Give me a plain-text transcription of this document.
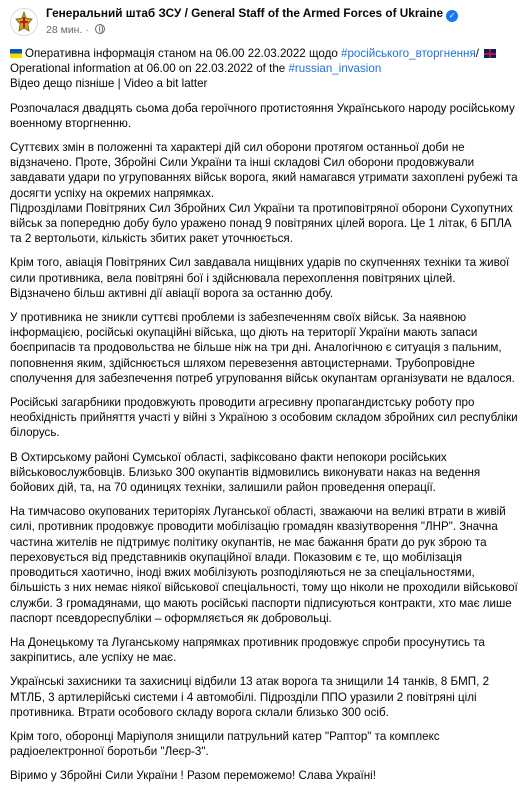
Генеральний штаб ЗСУ / General Staff of the Armed Forces of Ukraine ✓
28 мин. ·

Оперативна інформація станом на 06.00 22.03.2022 щодо #російського_вторгнення/

Operational information at 06.00 on 22.03.2022 of the #russian_invasion

Відео дещо пізніше | Video a bit latter

Розпочалася двадцять сьома доба героїчного протистояння Українського народу російському военному вторгненню.

Суттєвих змін в положенні та характері дій сил оборони протягом останньої доби не відзначено. Проте, Збройні Сили України та інші складові Сил оборони продовжували завдавати удари по угрупованнях військ ворога, який намагався утримати захоплені рубежі та досягти успіху на окремих напрямках.

Підрозділами Повітряних Сил Збройних Сил України та протиповітряної оборони Сухопутних військ за попередню добу було уражено понад 9 повітряних цілей ворога. Це 1 літак, 6 БПЛА та 2 вертольоти, кількість збитих ракет уточнюється.

Крім того, авіація Повітряних Сил завдавала нищівних ударів по скупченнях техніки та живої сили противника, вела повітряні бої і здійснювала перехоплення повітряних цілей. Відзначено більш активні дії авіації ворога за останню добу.

У противника не зникли суттєві проблеми із забезпеченням своїх військ. За наявною інформацією, російські окупаційні війська, що діють на території України мають запаси боєприпасів та продовольства не більше ніж на три дні. Аналогічною є ситуація з пальним, поповнення яким, здійснюється шляхом перевезення автоцистернами. Трубопровідне сполучення для забезпечення потреб угруповання військ окупантам організувати не вдалося.

Російські загарбники продовжують проводити агресивну пропагандистську роботу про необхідність прийняття участі у війні з Україною з особовим складом збройних сил республіки білорусь.

В Охтирському районі Сумської області, зафіксовано факти непокори російських військовослужбовців. Близько 300 окупантів відмовились виконувати наказ на ведення бойових дій, та, на 70 одиницях техніки, залишили район проведення операції.

На тимчасово окупованих територіях Луганської області, зважаючи на великі втрати в живій силі, противник продовжує проводити мобілізацію громадян квазіутворення "ЛНР". Значна частина жителів не підтримує політику окупантів, не має бажання брати до рук зброю та переховується від представників окупаційної влади. Показовим є те, що мобілізація проводиться хаотично, іноді вжих мобілізують розподіляються не за спеціальностями, більшість з них немає ніякої військової спеціальності, тому що ніколи не проходили військової служби. З громадянами, що мають російські паспорти підписуються контракти, хто має лише паспорт псевдореспубліки – оформляється як добровольці.

На Донецькому та Луганському напрямках противник продовжує спроби просунутись та закріпитись, але успіху не має.

Українські захисники та захисниці відбили 13 атак ворога та знищили 14 танків, 8 БМП, 2 МТЛБ, 3 артилерійські системи і 4 автомобілі. Підрозділи ППО уразили 2 повітряні цілі противника. Втрати особового складу ворога склали близько 300 осіб.

Крім того, оборонці Маріуполя знищили патрульний катер "Раптор" та комплекс радіоелектронної боротьби "Леєр-3".

Віримо у Збройні Сили України ! Разом переможемо! Слава Україні!
